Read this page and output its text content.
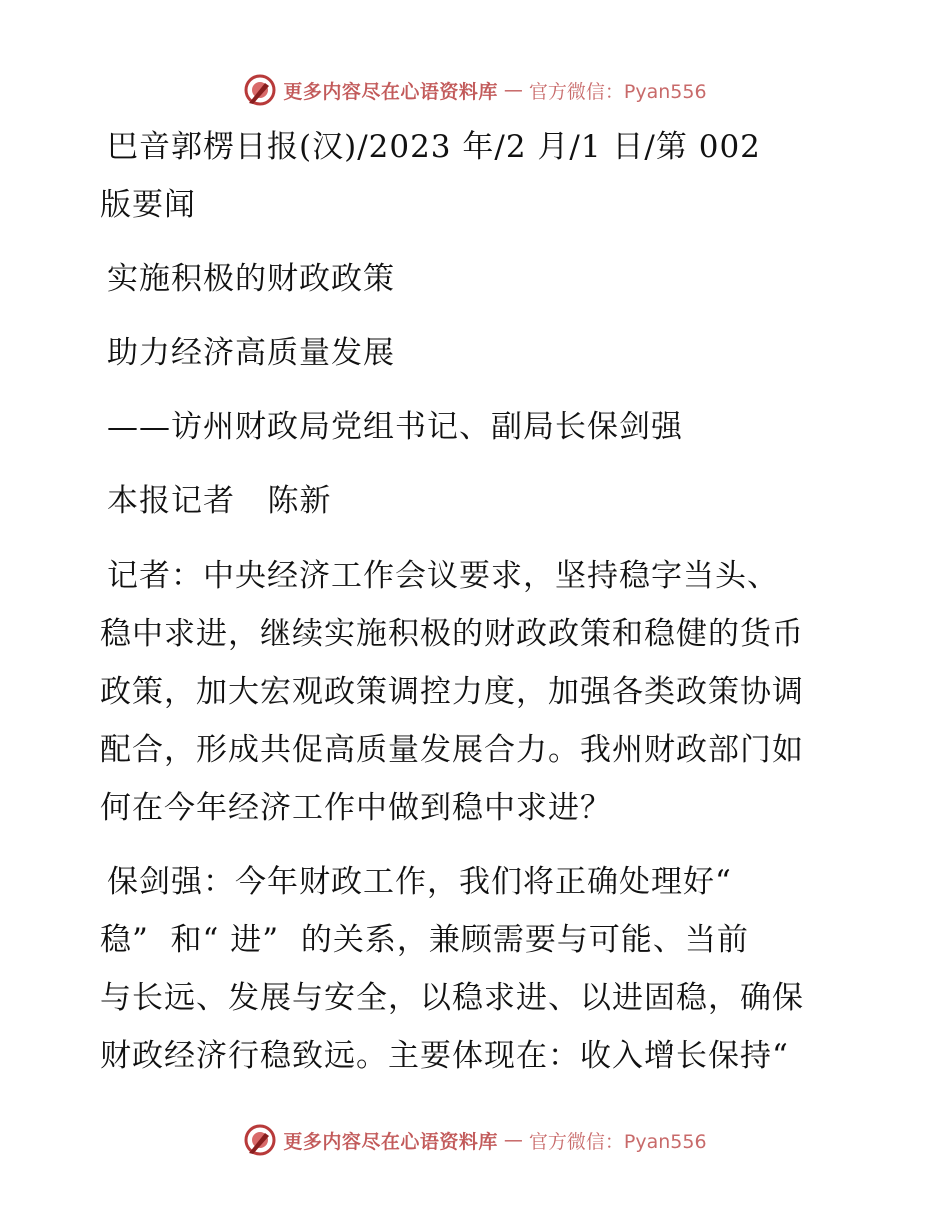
更多内容尽在心语资料库 — 官方微信：Pyan556
巴音郭楞日报(汉)/2023 年/2 月/1 日/第 002
版要闻
实施积极的财政政策
助力经济高质量发展
——访州财政局党组书记、副局长保剑强
本报记者   陈新
记者：中央经济工作会议要求，坚持稳字当头、
稳中求进，继续实施积极的财政政策和稳健的货币
政策，加大宏观政策调控力度，加强各类政策协调
配合，形成共促高质量发展合力。我州财政部门如
何在今年经济工作中做到稳中求进？
保剑强：今年财政工作，我们将正确处理好“
稳”  和“ 进”  的关系，兼顾需要与可能、当前
与长远、发展与安全，以稳求进、以进固稳，确保
财政经济行稳致远。主要体现在：收入增长保持“
更多内容尽在心语资料库 — 官方微信：Pyan556
